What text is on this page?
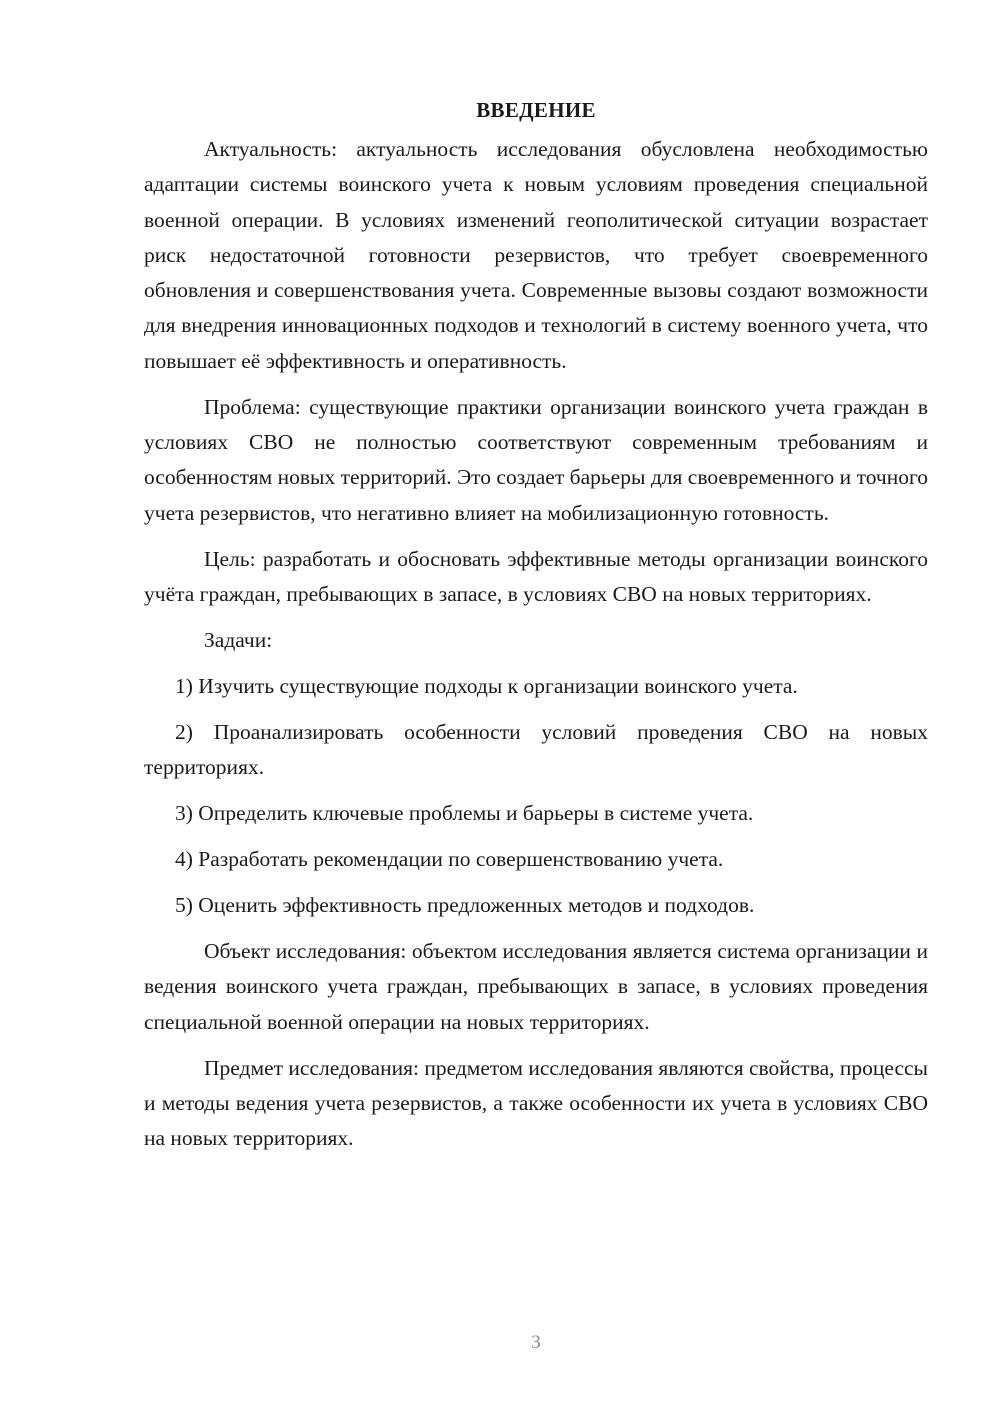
ВВЕДЕНИЕ

Актуальность: актуальность исследования обусловлена необходимостью адаптации системы воинского учета к новым условиям проведения специальной военной операции. В условиях изменений геополитической ситуации возрастает риск недостаточной готовности резервистов, что требует своевременного обновления и совершенствования учета. Современные вызовы создают возможности для внедрения инновационных подходов и технологий в систему военного учета, что повышает её эффективность и оперативность.

Проблема: существующие практики организации воинского учета граждан в условиях СВО не полностью соответствуют современным требованиям и особенностям новых территорий. Это создает барьеры для своевременного и точного учета резервистов, что негативно влияет на мобилизационную готовность.

Цель: разработать и обосновать эффективные методы организации воинского учёта граждан, пребывающих в запасе, в условиях СВО на новых территориях.

Задачи:

1) Изучить существующие подходы к организации воинского учета.

2) Проанализировать особенности условий проведения СВО на новых территориях.

3) Определить ключевые проблемы и барьеры в системе учета.

4) Разработать рекомендации по совершенствованию учета.

5) Оценить эффективность предложенных методов и подходов.

Объект исследования: объектом исследования является система организации и ведения воинского учета граждан, пребывающих в запасе, в условиях проведения специальной военной операции на новых территориях.

Предмет исследования: предметом исследования являются свойства, процессы и методы ведения учета резервистов, а также особенности их учета в условиях СВО на новых территориях.

3
